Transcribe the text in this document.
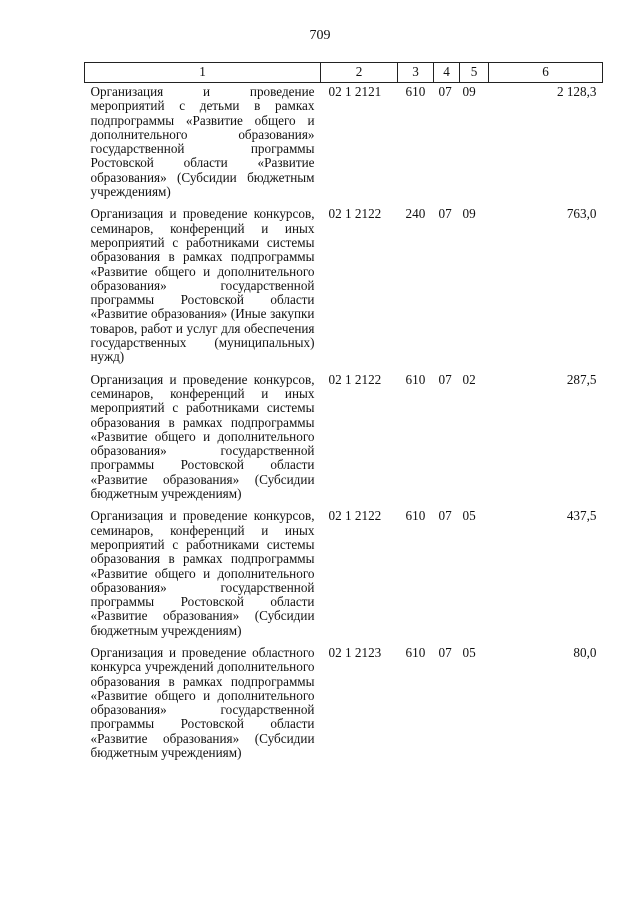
709
1	2	3	4	5	6
Организация и проведение мероприятий с детьми в рамках подпрограммы «Развитие общего и дополнительного образования» государственной программы Ростовской области «Развитие образования» (Субсидии бюджетным учреждениям)	02 1 2121	610	07	09	2 128,3
Организация и проведение конкурсов, семинаров, конференций и иных мероприятий с работниками системы образования в рамках подпрограммы «Развитие общего и дополнительного образования» государственной программы Ростовской области «Развитие образования» (Иные закупки товаров, работ и услуг для обеспечения государственных (муниципальных) нужд)	02 1 2122	240	07	09	763,0
Организация и проведение конкурсов, семинаров, конференций и иных мероприятий с работниками системы образования в рамках подпрограммы «Развитие общего и дополнительного образования» государственной программы Ростовской области «Развитие образования» (Субсидии бюджетным учреждениям)	02 1 2122	610	07	02	287,5
Организация и проведение конкурсов, семинаров, конференций и иных мероприятий с работниками системы образования в рамках подпрограммы «Развитие общего и дополнительного образования» государственной программы Ростовской области «Развитие образования» (Субсидии бюджетным учреждениям)	02 1 2122	610	07	05	437,5
Организация и проведение областного конкурса учреждений дополнительного образования в рамках подпрограммы «Развитие общего и дополнительного образования» государственной программы Ростовской области «Развитие образования» (Субсидии бюджетным учреждениям)	02 1 2123	610	07	05	80,0
